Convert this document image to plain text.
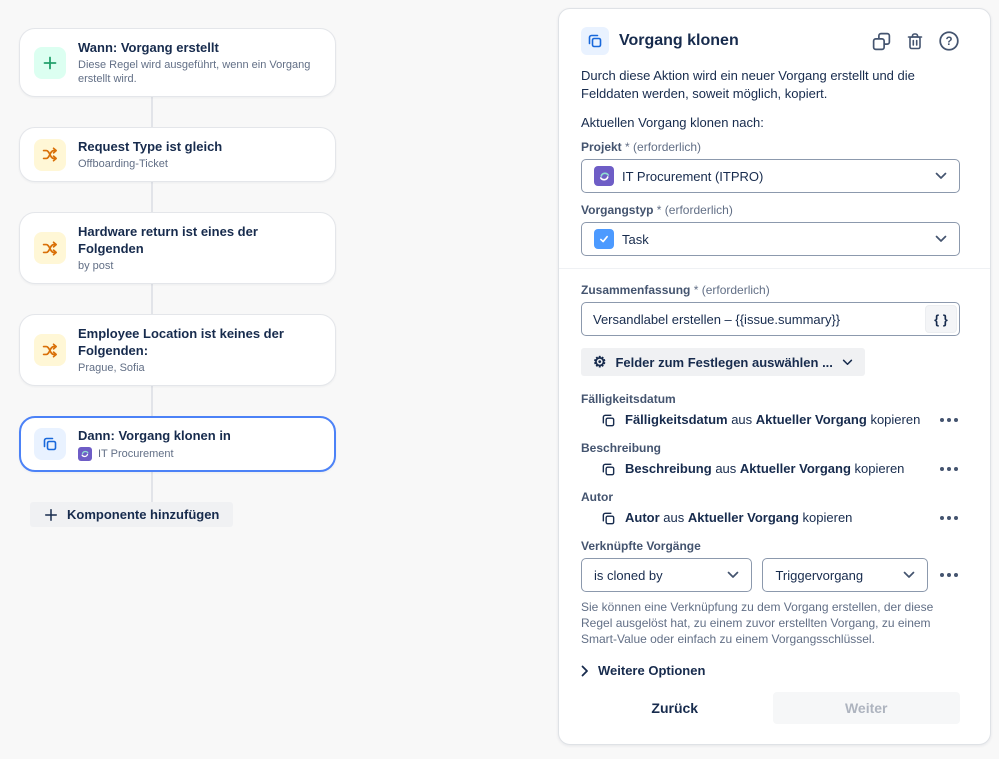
Wann: Vorgang erstellt
Diese Regel wird ausgeführt, wenn ein Vorgang erstellt wird.
Request Type ist gleich
Offboarding-Ticket
Hardware return ist eines der Folgenden
by post
Employee Location ist keines der Folgenden:
Prague, Sofia
Dann: Vorgang klonen in
IT Procurement
Komponente hinzufügen
Vorgang klonen	?
Durch diese Aktion wird ein neuer Vorgang erstellt und die Felddaten werden, soweit möglich, kopiert.
Aktuellen Vorgang klonen nach:
Projekt * (erforderlich)
IT Procurement (ITPRO)
Vorgangstyp * (erforderlich)
Task
Zusammenfassung * (erforderlich)
Versandlabel erstellen – {{issue.summary}}
{ }
⚙ Felder zum Festlegen auswählen ...
Fälligkeitsdatum
Fälligkeitsdatum aus Aktueller Vorgang kopieren
Beschreibung
Beschreibung aus Aktueller Vorgang kopieren
Autor
Autor aus Aktueller Vorgang kopieren
Verknüpfte Vorgänge
is cloned by	Triggervorgang
Sie können eine Verknüpfung zu dem Vorgang erstellen, der diese Regel ausgelöst hat, zu einem zuvor erstellten Vorgang, zu einem Smart-Value oder einfach zu einem Vorgangsschlüssel.
Weitere Optionen
Zurück	Weiter
